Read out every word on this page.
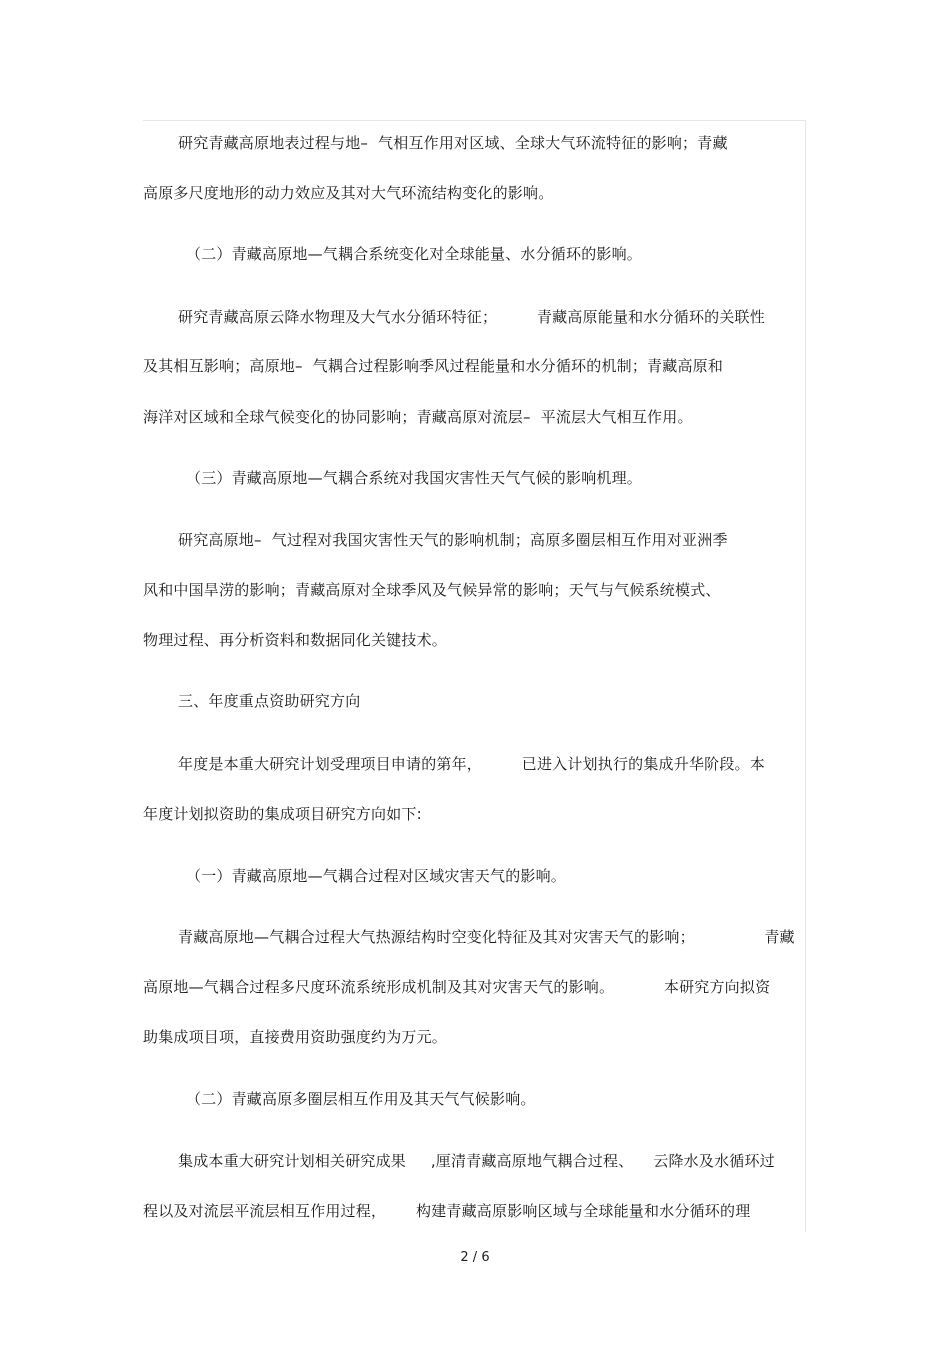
研究青藏高原地表过程与地–  气相互作用对区域、全球大气环流特征的影响；青藏
高原多尺度地形的动力效应及其对大气环流结构变化的影响。
（二）青藏高原地—气耦合系统变化对全球能量、水分循环的影响。
研究青藏高原云降水物理及大气水分循环特征；        青藏高原能量和水分循环的关联性
及其相互影响；高原地–  气耦合过程影响季风过程能量和水分循环的机制；青藏高原和
海洋对区域和全球气候变化的协同影响；青藏高原对流层–  平流层大气相互作用。
（三）青藏高原地—气耦合系统对我国灾害性天气气候的影响机理。
研究高原地–  气过程对我国灾害性天气的影响机制；高原多圈层相互作用对亚洲季
风和中国旱涝的影响；青藏高原对全球季风及气候异常的影响；天气与气候系统模式、
物理过程、再分析资料和数据同化关键技术。
三、年度重点资助研究方向
年度是本重大研究计划受理项目申请的第年，        已进入计划执行的集成升华阶段。本
年度计划拟资助的集成项目研究方向如下:
（一）青藏高原地—气耦合过程对区域灾害天气的影响。
青藏高原地—气耦合过程大气热源结构时空变化特征及其对灾害天气的影响；              青藏
高原地—气耦合过程多尺度环流系统形成机制及其对灾害天气的影响。          本研究方向拟资
助集成项目项，直接费用资助强度约为万元。
（二）青藏高原多圈层相互作用及其天气气候影响。
集成本重大研究计划相关研究成果     ,厘清青藏高原地气耦合过程、    云降水及水循环过
程以及对流层平流层相互作用过程，      构建青藏高原影响区域与全球能量和水分循环的理
2 / 6
